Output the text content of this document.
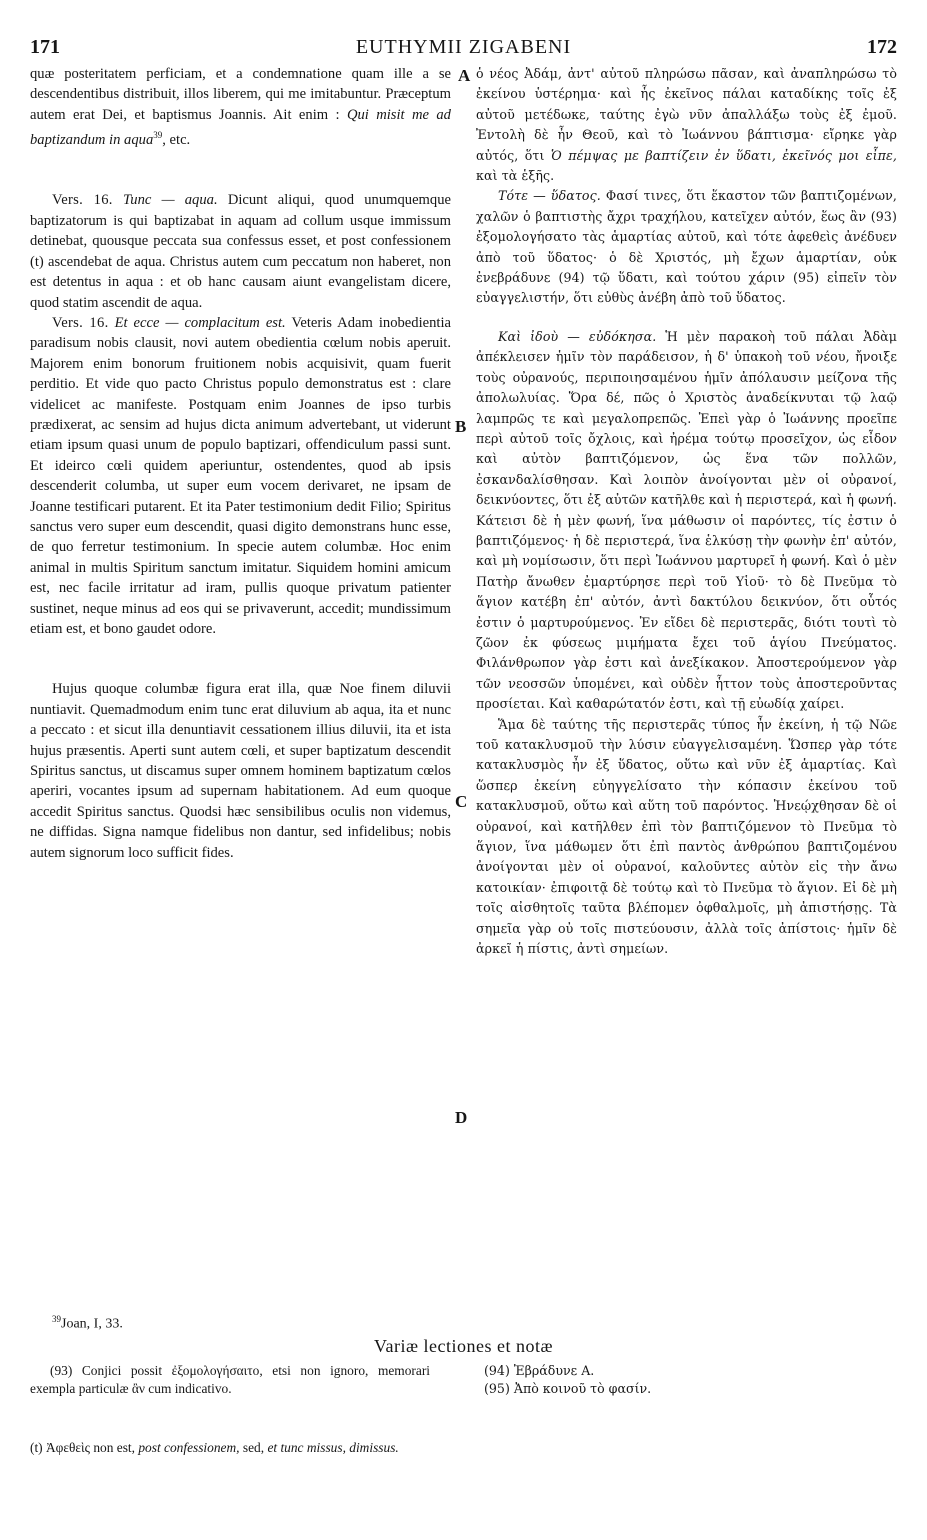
171	EUTHYMII ZIGABENI	172
A
B
C
D

quæ posteritatem perficiam, et a condemnatione quam ille a se descendentibus distribuit, illos liberem, qui me imitabuntur. Præceptum autem erat Dei, et baptismus Joannis. Ait enim : Qui misit me ad baptizandum in aqua$^{39}$, etc.

Vers. 16. Tunc — aqua. Dicunt aliqui, quod unumquemque baptizatorum is qui baptizabat in aquam ad collum usque immissum detinebat, quousque peccata sua confessus esset, et post confessionem (t) ascendebat de aqua. Christus autem cum peccatum non haberet, non est detentus in aqua : et ob hanc causam aiunt evangelistam dicere, quod statim ascendit de aqua.

Vers. 16. Et ecce — complacitum est. Veteris Adam inobedientia paradisum nobis clausit, novi autem obedientia cœlum nobis aperuit. Majorem enim bonorum fruitionem nobis acquisivit, quam fuerit perditio. Et vide quo pacto Christus populo demonstratus est : clare videlicet ac manifeste. Postquam enim Joannes de ipso turbis prædixerat, ac sensim ad hujus dicta animum advertebant, ut viderunt etiam ipsum quasi unum de populo baptizari, offendiculum passi sunt. Et ideirco cœli quidem aperiuntur, ostendentes, quod ab ipsis descenderit columba, ut super eum vocem derivaret, ne ipsam de Joanne testificari putarent. Et ita Pater testimonium dedit Filio; Spiritus sanctus vero super eum descendit, quasi digito demonstrans hunc esse, de quo ferretur testimonium. In specie autem columbæ. Hoc enim animal in multis Spiritum sanctum imitatur. Siquidem homini amicum est, nec facile irritatur ad iram, pullis quoque privatum patienter sustinet, neque minus ad eos qui se privaverunt, accedit; mundissimum etiam est, et bono gaudet odore.

Hujus quoque columbæ figura erat illa, quæ Noe finem diluvii nuntiavit. Quemadmodum enim tunc erat diluvium ab aqua, ita et nunc a peccato : et sicut illa denuntiavit cessationem illius diluvii, ita et ista hujus præsentis. Aperti sunt autem cœli, et super baptizatum descendit Spiritus sanctus, ut discamus super omnem hominem baptizatum cœlos aperiri, vocantes ipsum ad supernam habitationem. Ad eum quoque accedit Spiritus sanctus. Quodsi hæc sensibilibus oculis non videmus, ne diffidas. Signa namque fidelibus non dantur, sed infidelibus; nobis autem signorum loco sufficit fides.

ὁ νέος Ἀδάμ, ἀντ' αὐτοῦ πληρώσω πᾶσαν, καὶ ἀναπληρώσω τὸ ἐκείνου ὑστέρημα· καὶ ἧς ἐκεῖνος πάλαι καταδίκης τοῖς ἐξ αὐτοῦ μετέδωκε, ταύτης ἐγὼ νῦν ἀπαλλάξω τοὺς ἐξ ἐμοῦ. Ἐντολὴ δὲ ἦν Θεοῦ, καὶ τὸ Ἰωάννου βάπτισμα· εἴρηκε γὰρ αὐτός, ὅτι Ὁ πέμψας με βαπτίζειν ἐν ὕδατι, ἐκεῖνός μοι εἶπε, καὶ τὰ ἑξῆς.

Τότε — ὕδατος. Φασί τινες, ὅτι ἕκαστον τῶν βαπτιζομένων, χαλῶν ὁ βαπτιστὴς ἄχρι τραχήλου, κατεῖχεν αὐτόν, ἕως ἂν (93) ἐξομολογήσατο τὰς ἁμαρτίας αὐτοῦ, καὶ τότε ἀφεθεὶς ἀνέδυεν ἀπὸ τοῦ ὕδατος· ὁ δὲ Χριστός, μὴ ἔχων ἁμαρτίαν, οὐκ ἐνεβράδυνε (94) τῷ ὕδατι, καὶ τούτου χάριν (95) εἰπεῖν τὸν εὐαγγελιστήν, ὅτι εὐθὺς ἀνέβη ἀπὸ τοῦ ὕδατος.

Καὶ ἰδοὺ — εὐδόκησα. Ἡ μὲν παρακοὴ τοῦ πάλαι Ἀδὰμ ἀπέκλεισεν ἡμῖν τὸν παράδεισον, ἡ δ' ὑπακοὴ τοῦ νέου, ἤνοιξε τοὺς οὐρανούς, περιποιησαμένου ἡμῖν ἀπόλαυσιν μείζονα τῆς ἀπολωλυίας. Ὅρα δέ, πῶς ὁ Χριστὸς ἀναδείκνυται τῷ λαῷ λαμπρῶς τε καὶ μεγαλοπρεπῶς. Ἐπεὶ γὰρ ὁ Ἰωάννης προεῖπε περὶ αὐτοῦ τοῖς ὄχλοις, καὶ ἠρέμα τούτῳ προσεῖχον, ὡς εἶδον καὶ αὐτὸν βαπτιζόμενον, ὡς ἕνα τῶν πολλῶν, ἐσκανδαλίσθησαν. Καὶ λοιπὸν ἀνοίγονται μὲν οἱ οὐρανοί, δεικνύοντες, ὅτι ἐξ αὐτῶν κατῆλθε καὶ ἡ περιστερά, καὶ ἡ φωνή. Κάτεισι δὲ ἡ μὲν φωνή, ἵνα μάθωσιν οἱ παρόντες, τίς ἐστιν ὁ βαπτιζόμενος· ἡ δὲ περιστερά, ἵνα ἑλκύσῃ τὴν φωνὴν ἐπ' αὐτόν, καὶ μὴ νομίσωσιν, ὅτι περὶ Ἰωάννου μαρτυρεῖ ἡ φωνή. Καὶ ὁ μὲν Πατὴρ ἄνωθεν ἐμαρτύρησε περὶ τοῦ Υἱοῦ· τὸ δὲ Πνεῦμα τὸ ἅγιον κατέβη ἐπ' αὐτόν, ἀντὶ δακτύλου δεικνύον, ὅτι οὗτός ἐστιν ὁ μαρτυρούμενος. Ἐν εἴδει δὲ περιστερᾶς, διότι τουτὶ τὸ ζῶον ἐκ φύσεως μιμήματα ἔχει τοῦ ἁγίου Πνεύματος. Φιλάνθρωπον γὰρ ἐστι καὶ ἀνεξίκακον. Ἀποστερούμενον γὰρ τῶν νεοσσῶν ὑπομένει, καὶ οὐδὲν ἧττον τοὺς ἀποστεροῦντας προσίεται. Καὶ καθαρώτατόν ἐστι, καὶ τῇ εὐωδίᾳ χαίρει.

Ἅμα δὲ ταύτης τῆς περιστερᾶς τύπος ἦν ἐκείνη, ἡ τῷ Νῶε τοῦ κατακλυσμοῦ τὴν λύσιν εὐαγγελισαμένη. Ὥσπερ γὰρ τότε κατακλυσμὸς ἦν ἐξ ὕδατος, οὕτω καὶ νῦν ἐξ ἁμαρτίας. Καὶ ὥσπερ ἐκείνη εὐηγγελίσατο τὴν κόπασιν ἐκείνου τοῦ κατακλυσμοῦ, οὕτω καὶ αὕτη τοῦ παρόντος. Ἠνεῴχθησαν δὲ οἱ οὐρανοί, καὶ κατῆλθεν ἐπὶ τὸν βαπτιζόμενον τὸ Πνεῦμα τὸ ἅγιον, ἵνα μάθωμεν ὅτι ἐπὶ παντὸς ἀνθρώπου βαπτιζομένου ἀνοίγονται μὲν οἱ οὐρανοί, καλοῦντες αὐτὸν εἰς τὴν ἄνω κατοικίαν· ἐπιφοιτᾷ δὲ τούτῳ καὶ τὸ Πνεῦμα τὸ ἅγιον. Εἰ δὲ μὴ τοῖς αἰσθητοῖς ταῦτα βλέπομεν ὀφθαλμοῖς, μὴ ἀπιστήσῃς. Τὰ σημεῖα γὰρ οὐ τοῖς πιστεύουσιν, ἀλλὰ τοῖς ἀπίστοις· ἡμῖν δὲ ἀρκεῖ ἡ πίστις, ἀντὶ σημείων.

$^{39}$Joan, I, 33.
Variæ lectiones et notæ

(93) Conjici possit ἐξομολογήσαιτο, etsi non ignoro, memorari exempla particulæ ἂν cum indicativo.

(94) Ἐβράδυνε A.

(95) Ἀπὸ κοινοῦ τὸ φασίν.

(t) Ἀφεθεὶς non est, post confessionem, sed, et tunc missus, dimissus.
